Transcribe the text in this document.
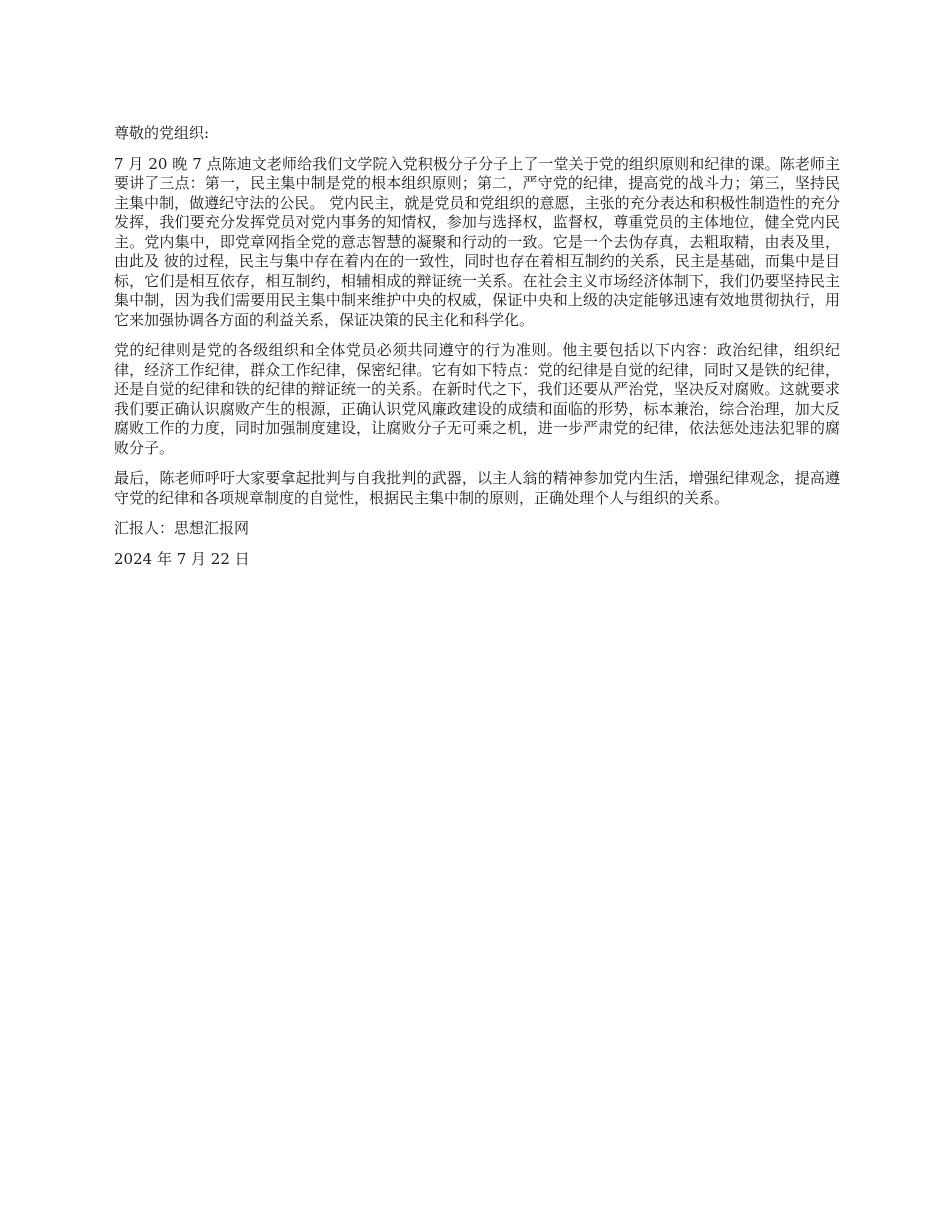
尊敬的党组织:

7 月 20 晚 7 点陈迪文老师给我们文学院入党积极分子分子上了一堂关于党的组织原则和纪律的课。陈老师主要讲了三点：第一，民主集中制是党的根本组织原则；第二，严守党的纪律，提高党的战斗力；第三，坚持民主集中制，做遵纪守法的公民。 党内民主，就是党员和党组织的意愿，主张的充分表达和积极性制造性的充分发挥，我们要充分发挥党员对党内事务的知情权，参加与选择权，监督权，尊重党员的主体地位，健全党内民主。党内集中，即党章网指全党的意志智慧的凝聚和行动的一致。它是一个去伪存真，去粗取精，由表及里，由此及 彼的过程，民主与集中存在着内在的一致性，同时也存在着相互制约的关系，民主是基础，而集中是目标，它们是相互依存，相互制约，相辅相成的辩证统一关系。在社会主义市场经济体制下，我们仍要坚持民主集中制，因为我们需要用民主集中制来维护中央的权威，保证中央和上级的决定能够迅速有效地贯彻执行，用它来加强协调各方面的利益关系，保证决策的民主化和科学化。

党的纪律则是党的各级组织和全体党员必须共同遵守的行为准则。他主要包括以下内容：政治纪律，组织纪律，经济工作纪律，群众工作纪律，保密纪律。它有如下特点：党的纪律是自觉的纪律，同时又是铁的纪律，还是自觉的纪律和铁的纪律的辩证统一的关系。在新时代之下，我们还要从严治党，坚决反对腐败。这就要求我们要正确认识腐败产生的根源，正确认识党风廉政建设的成绩和面临的形势，标本兼治，综合治理，加大反腐败工作的力度，同时加强制度建设，让腐败分子无可乘之机，进一步严肃党的纪律，依法惩处违法犯罪的腐败分子。

最后，陈老师呼吁大家要拿起批判与自我批判的武器，以主人翁的精神参加党内生活，增强纪律观念，提高遵守党的纪律和各项规章制度的自觉性，根据民主集中制的原则，正确处理个人与组织的关系。

汇报人：思想汇报网

2024 年 7 月 22 日
